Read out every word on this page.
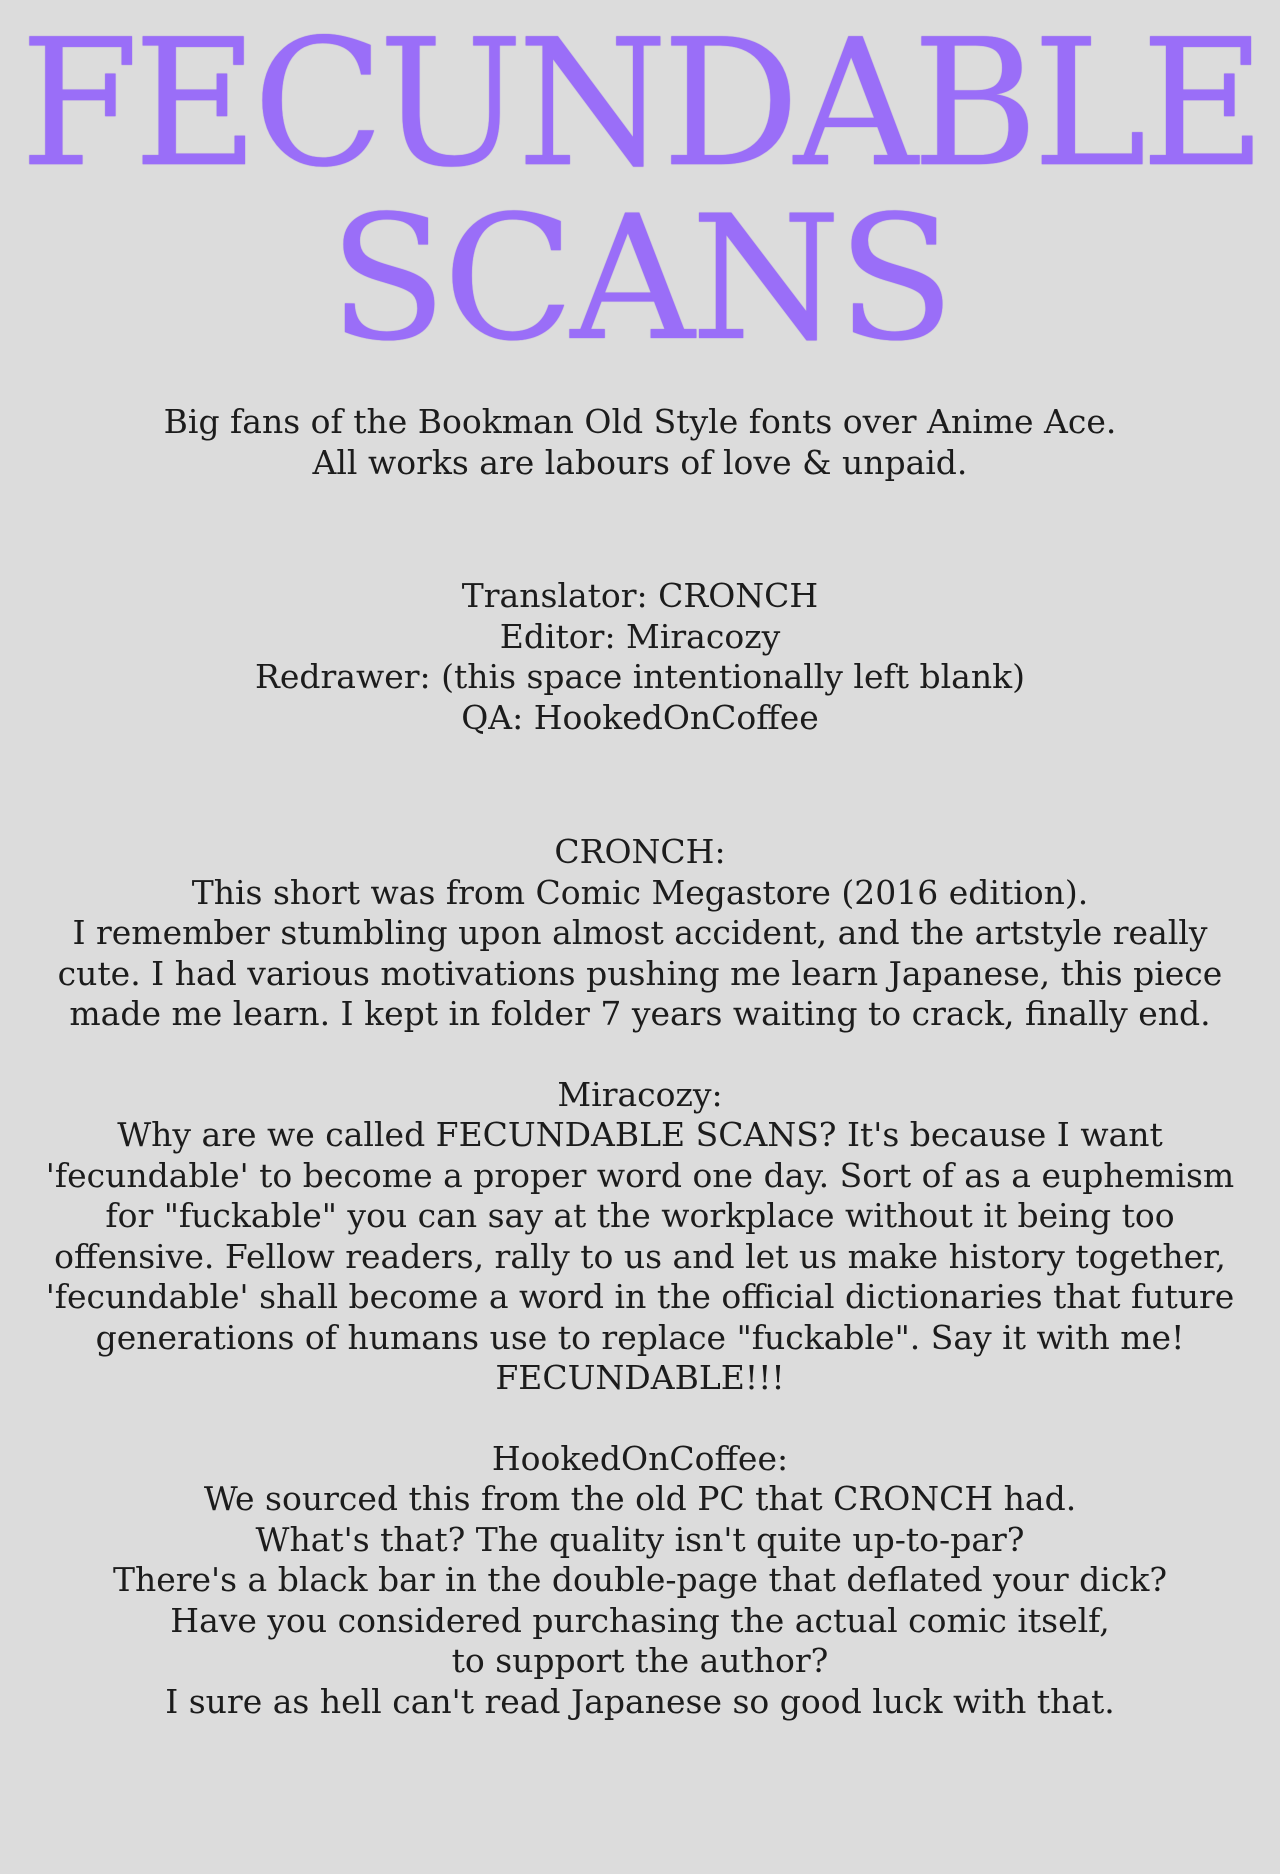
FECUNDABLE
SCANS

Big fans of the Bookman Old Style fonts over Anime Ace.

All works are labours of love & unpaid.

Translator: CRONCH

Editor: Miracozy

Redrawer: (this space intentionally left blank)

QA: HookedOnCoffee

CRONCH:

This short was from Comic Megastore (2016 edition).

I remember stumbling upon almost accident, and the artstyle really

cute. I had various motivations pushing me learn Japanese, this piece

made me learn. I kept in folder 7 years waiting to crack, finally end.

Miracozy:

Why are we called FECUNDABLE SCANS? It's because I want

'fecundable' to become a proper word one day. Sort of as a euphemism

for "fuckable" you can say at the workplace without it being too

offensive. Fellow readers, rally to us and let us make history together,

'fecundable' shall become a word in the official dictionaries that future

generations of humans use to replace "fuckable". Say it with me!

FECUNDABLE!!!

HookedOnCoffee:

We sourced this from the old PC that CRONCH had.

What's that? The quality isn't quite up-to-par?

There's a black bar in the double-page that deflated your dick?

Have you considered purchasing the actual comic itself,

to support the author?

I sure as hell can't read Japanese so good luck with that.
